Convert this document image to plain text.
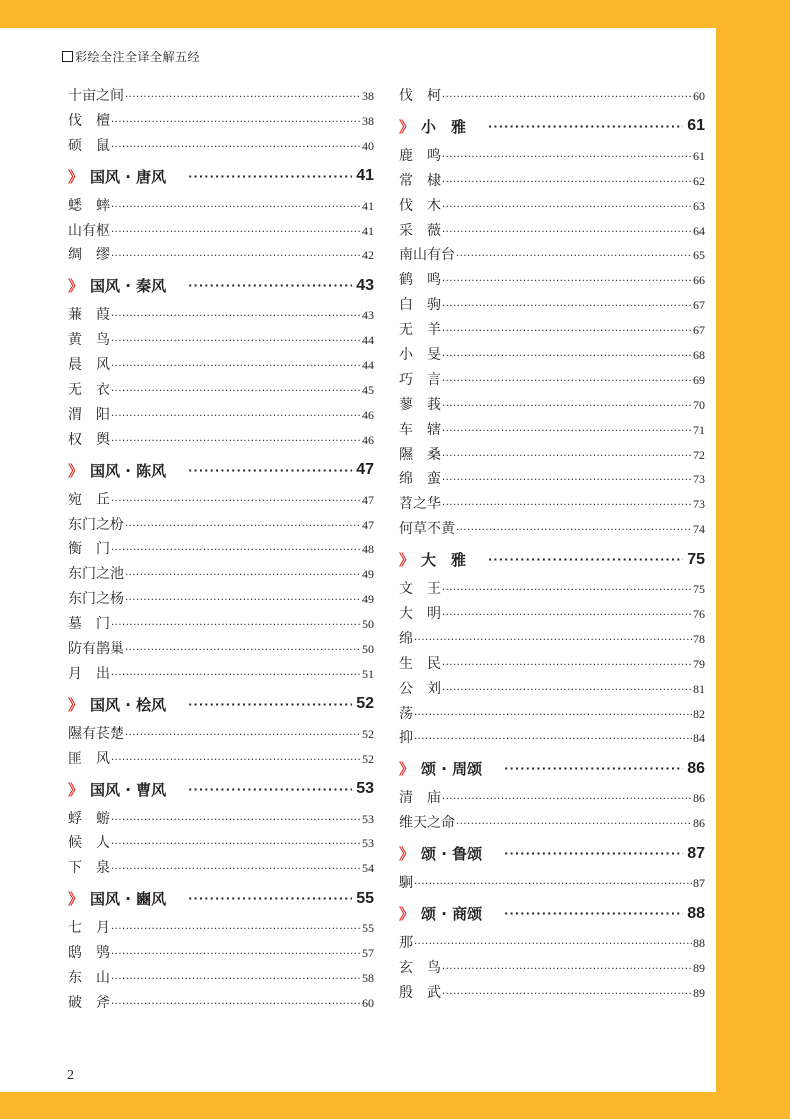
彩绘全注全译全解五经
十亩之间 ·····	38
伐　檀 ·····	38
硕　鼠 ·····	40
》 国风 · 唐风 ·····	41
蟋　蟀 ·····	41
山有枢 ·····	41
绸　缪 ·····	42
》 国风 · 秦风 ·····	43
蒹　葭 ·····	43
黄　鸟 ·····	44
晨　风 ·····	44
无　衣 ·····	45
渭　阳 ·····	46
权　舆 ·····	46
》 国风 · 陈风 ·····	47
宛　丘 ·····	47
东门之枌 ·····	47
衡　门 ·····	48
东门之池 ·····	49
东门之杨 ·····	49
墓　门 ·····	50
防有鹊巢 ·····	50
月　出 ·····	51
》 国风 · 桧风 ·····	52
隰有苌楚 ·····	52
匪　风 ·····	52
》 国风 · 曹风 ·····	53
蜉　蝣 ·····	53
候　人 ·····	53
下　泉 ·····	54
》 国风 · 豳风 ·····	55
七　月 ·····	55
鸱　鸮 ·····	57
东　山 ·····	58
破　斧 ·····	60
伐　柯 ·····	60
》 小　雅 ·····	61
鹿　鸣 ·····	61
常　棣 ·····	62
伐　木 ·····	63
采　薇 ·····	64
南山有台 ·····	65
鹤　鸣 ·····	66
白　驹 ·····	67
无　羊 ·····	67
小　旻 ·····	68
巧　言 ·····	69
蓼　莪 ·····	70
车　辖 ·····	71
隰　桑 ·····	72
绵　蛮 ·····	73
苕之华 ·····	73
何草不黄 ·····	74
》 大　雅 ·····	75
文　王 ·····	75
大　明 ·····	76
绵 ·····	78
生　民 ·····	79
公　刘 ·····	81
荡 ·····	82
抑 ·····	84
》 颂 · 周颂 ·····	86
清　庙 ·····	86
维天之命 ·····	86
》 颂 · 鲁颂 ·····	87
駉 ·····	87
》 颂 · 商颂 ·····	88
那 ·····	88
玄　鸟 ·····	89
殷　武 ·····	89
2
